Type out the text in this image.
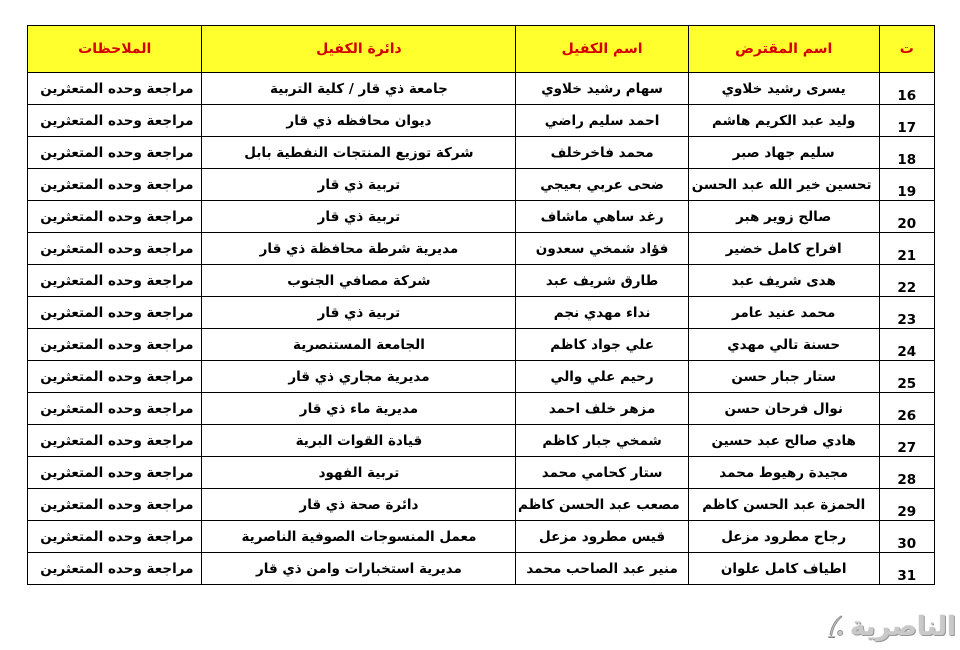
ت	اسم المقترض	اسم الكفيل	دائرة الكفيل	الملاحظات
16	يسرى رشيد خلاوي	سهام رشيد خلاوي	جامعة ذي قار / كلية التربية	مراجعة وحده المتعثرين
17	وليد عبد الكريم هاشم	احمد سليم راضي	ديوان محافظه ذي قار	مراجعة وحده المتعثرين
18	سليم جهاد صبر	محمد فاخرخلف	شركة توزيع المنتجات النفطية بابل	مراجعة وحده المتعثرين
19	تحسين خير الله عبد الحسن	ضحى عربي بعيجي	تربية ذي قار	مراجعة وحده المتعثرين
20	صالح زوير هبر	رغد ساهي ماشاف	تربية ذي قار	مراجعة وحده المتعثرين
21	افراح كامل خضير	فؤاد شمخي سعدون	مديرية شرطة محافظة ذي قار	مراجعة وحده المتعثرين
22	هدى شريف عبد	طارق شريف عبد	شركة مصافي الجنوب	مراجعة وحده المتعثرين
23	محمد عنيد عامر	نداء مهدي نجم	تربية ذي قار	مراجعة وحده المتعثرين
24	حسنة تالي مهدي	علي جواد كاظم	الجامعة المستنصرية	مراجعة وحده المتعثرين
25	ستار جبار حسن	رحيم علي والي	مديرية مجاري ذي قار	مراجعة وحده المتعثرين
26	نوال فرحان حسن	مزهر خلف احمد	مديرية ماء ذي قار	مراجعة وحده المتعثرين
27	هادي صالح عبد حسين	شمخي جبار كاظم	قيادة القوات البرية	مراجعة وحده المتعثرين
28	مجيدة رهيوط محمد	ستار كحامي محمد	تربية الفهود	مراجعة وحده المتعثرين
29	الحمزة عبد الحسن كاظم	مصعب عبد الحسن كاظم	دائرة صحة ذي قار	مراجعة وحده المتعثرين
30	رجاح مطرود مزعل	قيس مطرود مزعل	معمل المنسوجات الصوفية الناصرية	مراجعة وحده المتعثرين
31	اطياف كامل علوان	منير عبد الصاحب محمد	مديرية استخبارات وامن ذي قار	مراجعة وحده المتعثرين
الناصرية
